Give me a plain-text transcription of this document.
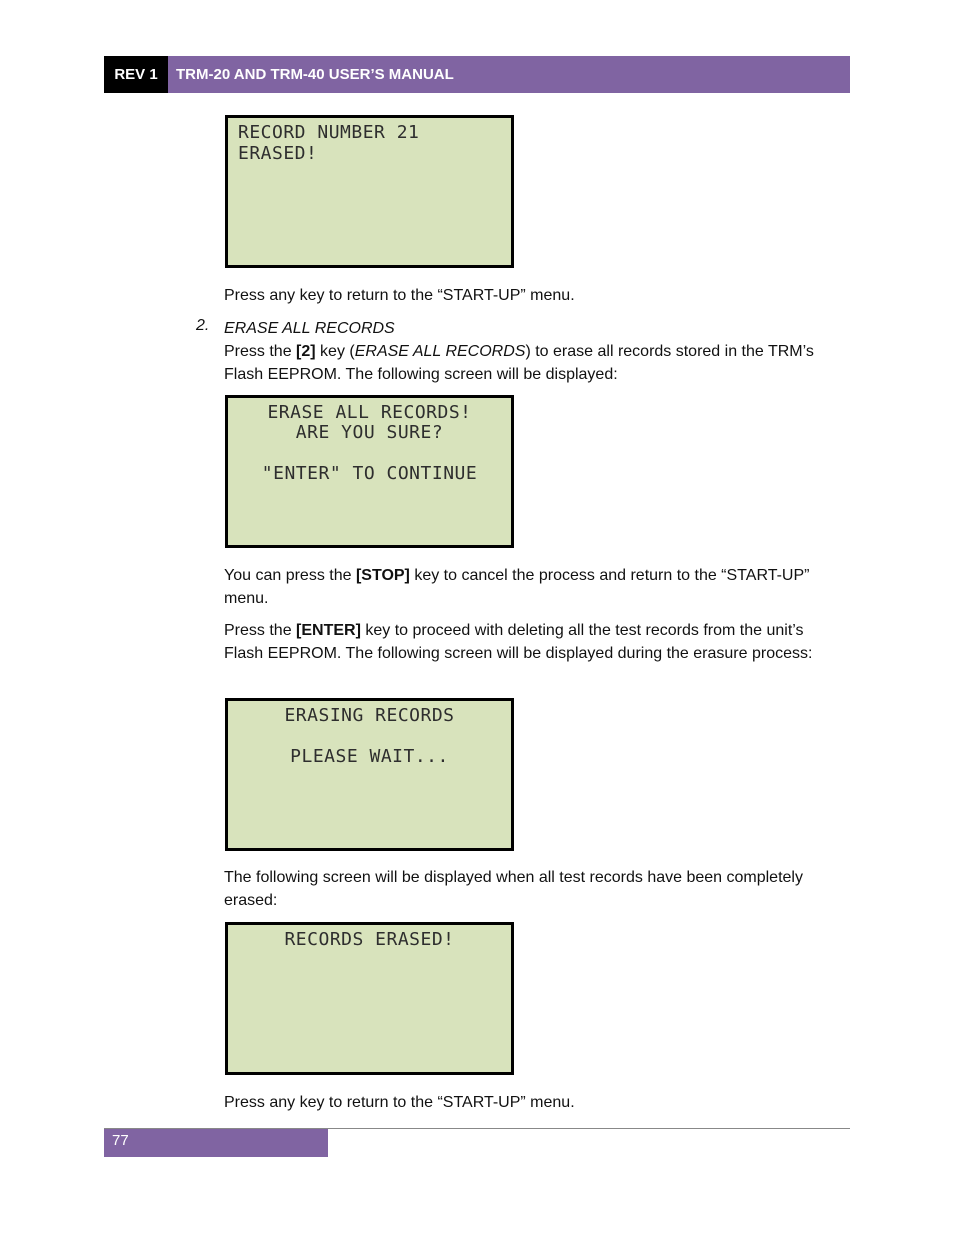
REV 1	TRM-20 AND TRM-40 USER’S MANUAL
RECORD NUMBER 21
ERASED!
Press any key to return to the “START-UP” menu.
2. ERASE ALL RECORDS
Press the [2] key (ERASE ALL RECORDS) to erase all records stored in the TRM’s Flash EEPROM. The following screen will be displayed:
ERASE ALL RECORDS!
ARE YOU SURE?
"ENTER" TO CONTINUE
You can press the [STOP] key to cancel the process and return to the “START-UP” menu.
Press the [ENTER] key to proceed with deleting all the test records from the unit’s Flash EEPROM. The following screen will be displayed during the erasure process:
ERASING RECORDS
PLEASE WAIT...
The following screen will be displayed when all test records have been completely erased:
RECORDS ERASED!
Press any key to return to the “START-UP” menu.
77
